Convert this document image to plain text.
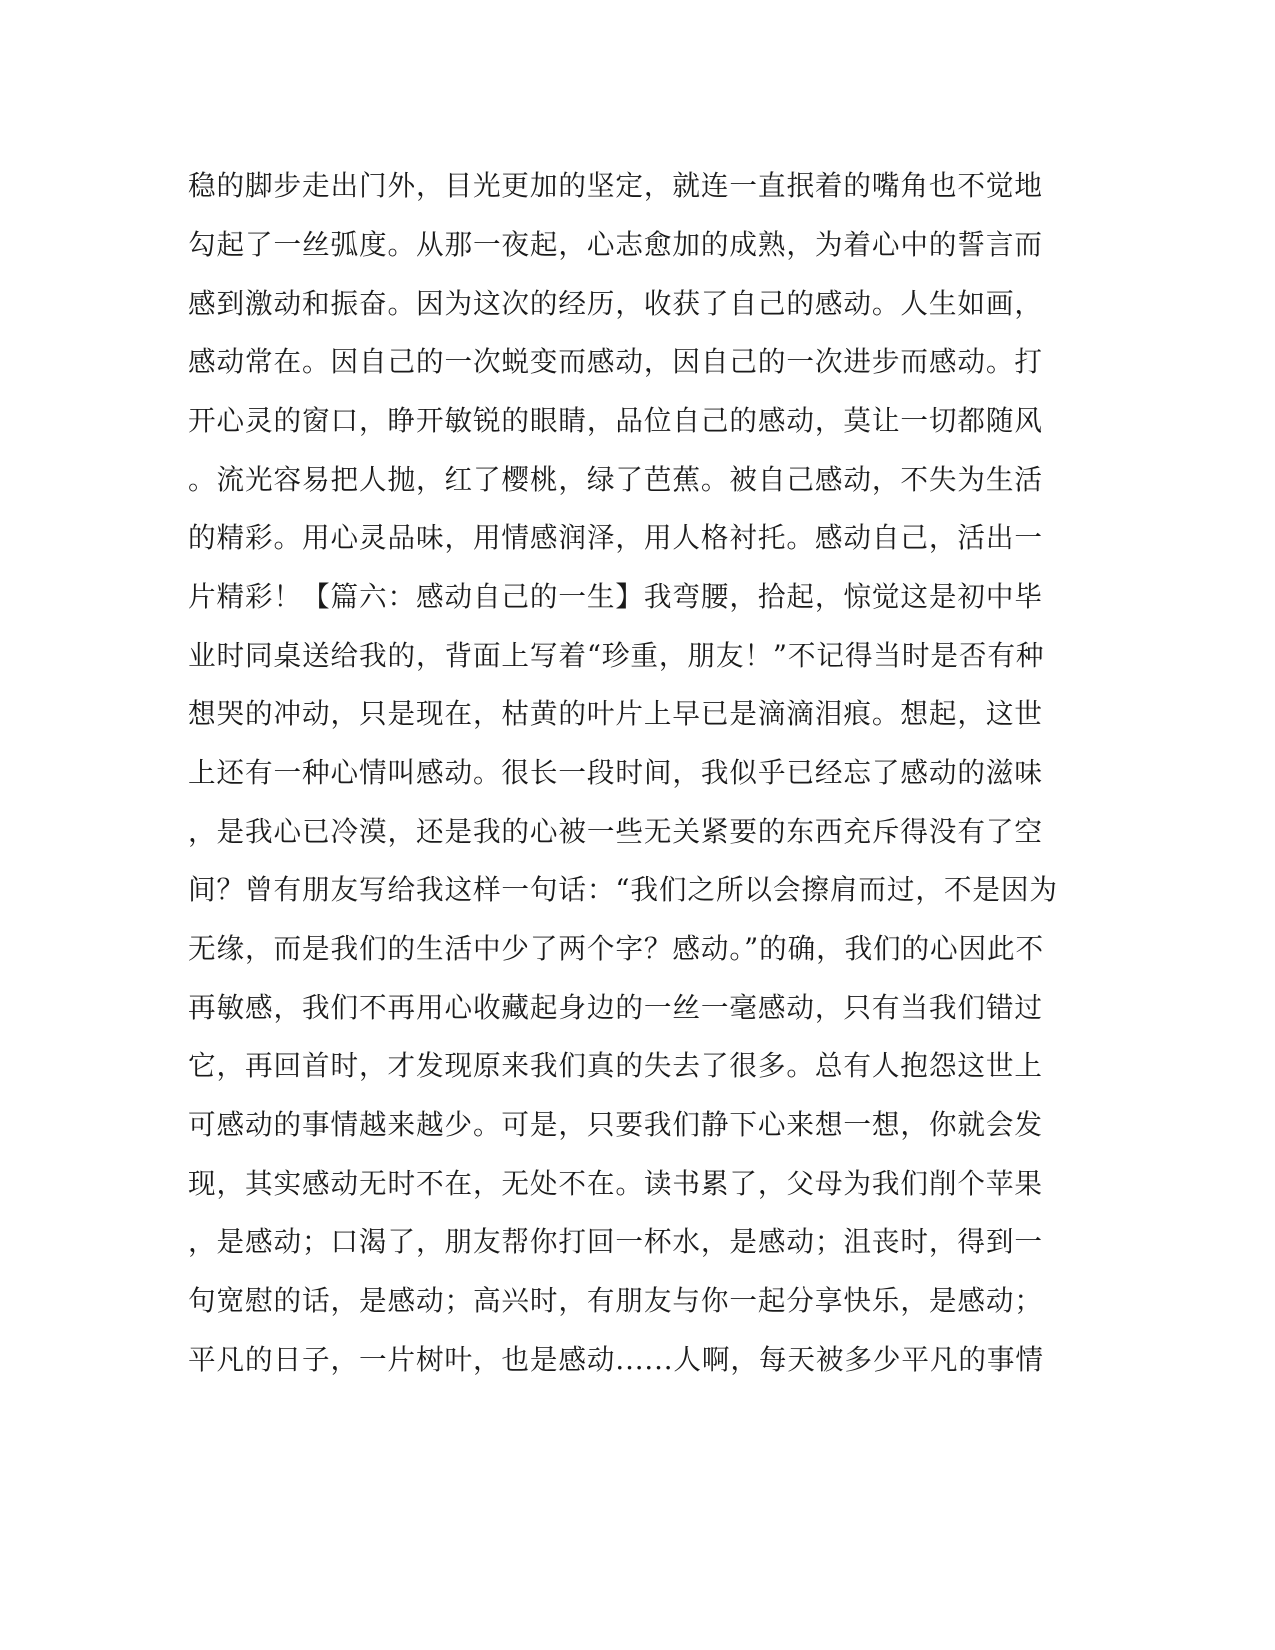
稳的脚步走出门外，目光更加的坚定，就连一直抿着的嘴角也不觉地
勾起了一丝弧度。从那一夜起，心志愈加的成熟，为着心中的誓言而
感到激动和振奋。因为这次的经历，收获了自己的感动。人生如画，
感动常在。因自己的一次蜕变而感动，因自己的一次进步而感动。打
开心灵的窗口，睁开敏锐的眼睛，品位自己的感动，莫让一切都随风
。流光容易把人抛，红了樱桃，绿了芭蕉。被自己感动，不失为生活
的精彩。用心灵品味，用情感润泽，用人格衬托。感动自己，活出一
片精彩！【篇六：感动自己的一生】我弯腰，拾起，惊觉这是初中毕
业时同桌送给我的，背面上写着“珍重，朋友！”不记得当时是否有种
想哭的冲动，只是现在，枯黄的叶片上早已是滴滴泪痕。想起，这世
上还有一种心情叫感动。很长一段时间，我似乎已经忘了感动的滋味
，是我心已冷漠，还是我的心被一些无关紧要的东西充斥得没有了空
间？曾有朋友写给我这样一句话：“我们之所以会擦肩而过，不是因为
无缘，而是我们的生活中少了两个字？感动。”的确，我们的心因此不
再敏感，我们不再用心收藏起身边的一丝一毫感动，只有当我们错过
它，再回首时，才发现原来我们真的失去了很多。总有人抱怨这世上
可感动的事情越来越少。可是，只要我们静下心来想一想，你就会发
现，其实感动无时不在，无处不在。读书累了，父母为我们削个苹果
，是感动；口渴了，朋友帮你打回一杯水，是感动；沮丧时，得到一
句宽慰的话，是感动；高兴时，有朋友与你一起分享快乐，是感动；
平凡的日子，一片树叶，也是感动......人啊，每天被多少平凡的事情
